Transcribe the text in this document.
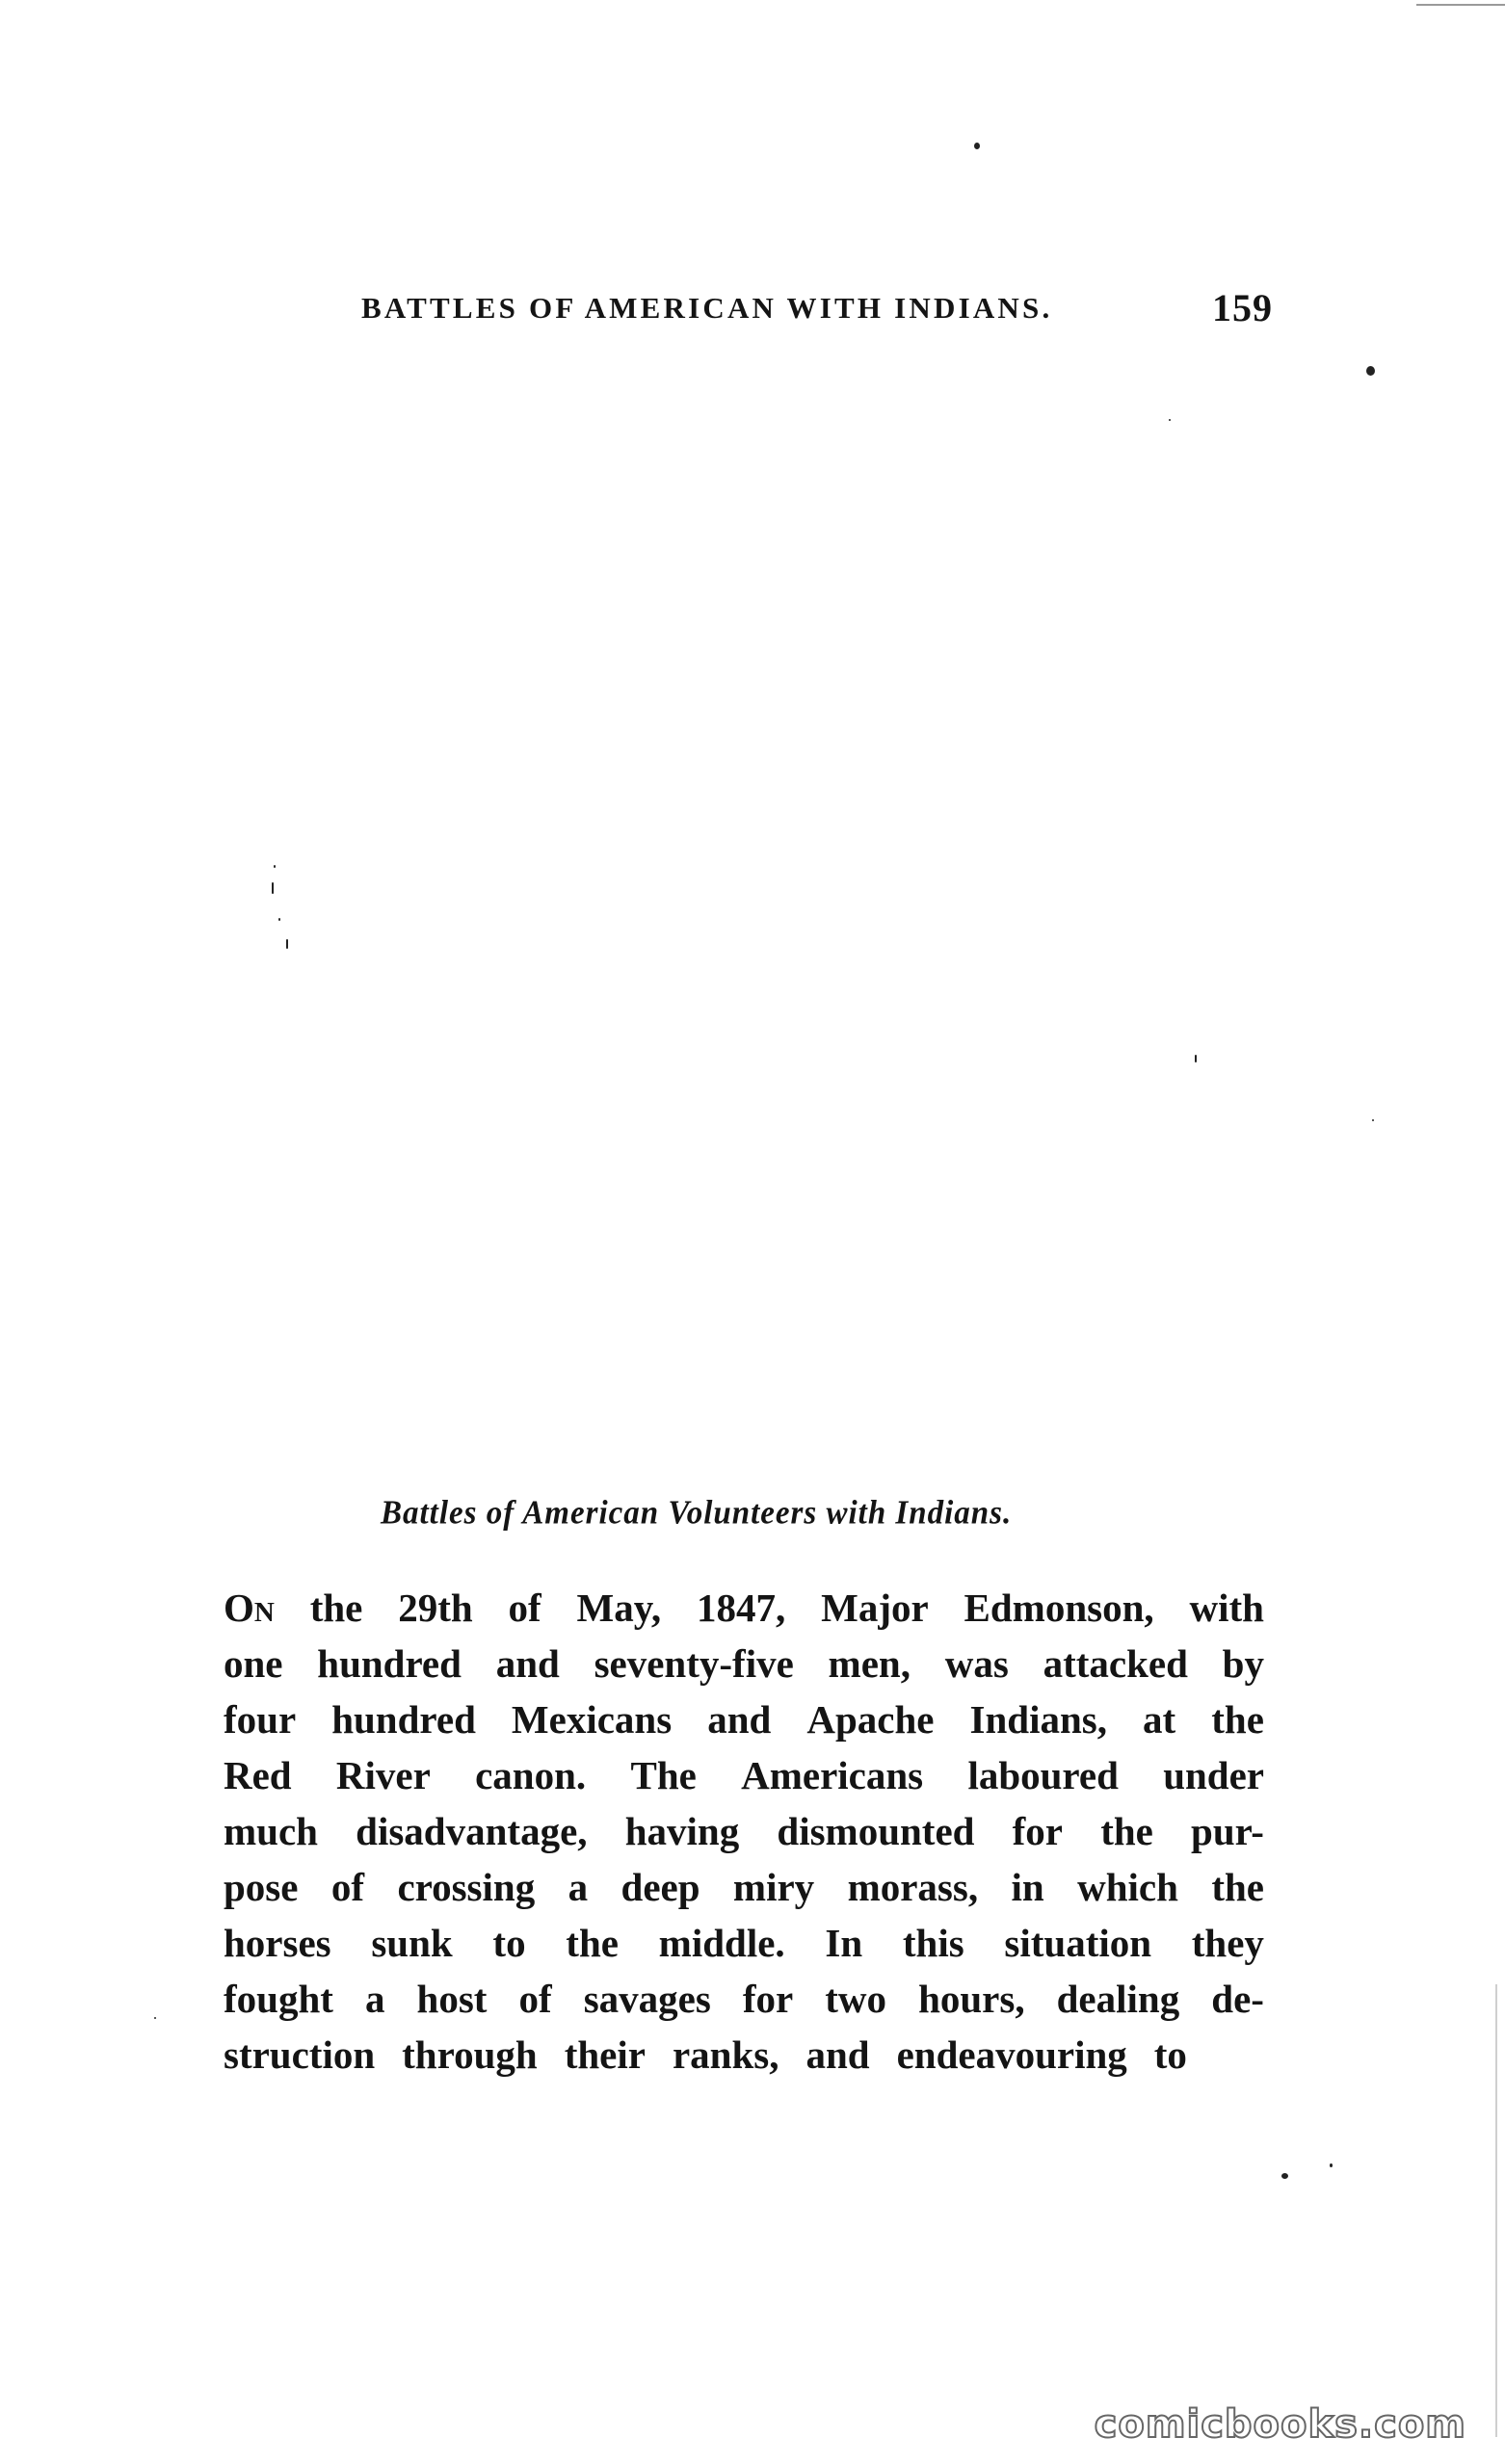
BATTLES OF AMERICAN WITH INDIANS.	159
Battles of American Volunteers with Indians.
On the 29th of May, 1847, Major Edmonson, with
one hundred and seventy-five men, was attacked by
four hundred Mexicans and Apache Indians, at the
Red River canon. The Americans laboured under
much disadvantage, having dismounted for the pur-
pose of crossing a deep miry morass, in which the
horses sunk to the middle. In this situation they
fought a host of savages for two hours, dealing de-
struction through their ranks, and endeavouring to
comicbooks.com
